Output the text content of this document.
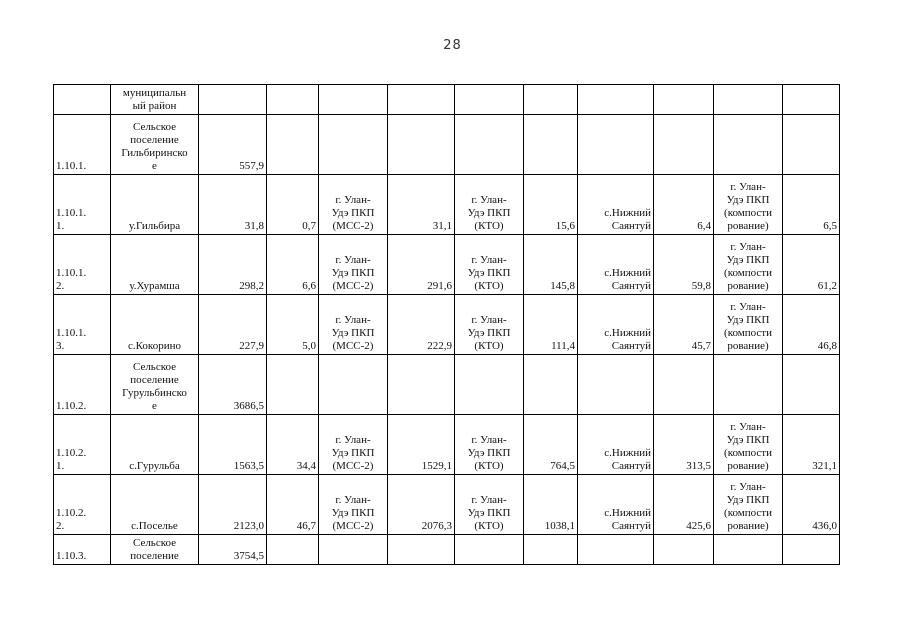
28

	муниципальн
ый район										

1.10.1.	Сельское
поселение
Гильбиринско
е	557,9									

1.10.1.
1.	у.Гильбира	31,8	0,7	г. Улан-
Удэ ПКП
(МСС-2)	31,1	г. Улан-
Удэ ПКП
(КТО)	15,6	с.Нижний
Саянтуй	6,4	г. Улан-
Удэ ПКП
(компости
рование)	6,5

1.10.1.
2.	у.Хурамша	298,2	6,6	г. Улан-
Удэ ПКП
(МСС-2)	291,6	г. Улан-
Удэ ПКП
(КТО)	145,8	с.Нижний
Саянтуй	59,8	г. Улан-
Удэ ПКП
(компости
рование)	61,2

1.10.1.
3.	с.Кокорино	227,9	5,0	г. Улан-
Удэ ПКП
(МСС-2)	222,9	г. Улан-
Удэ ПКП
(КТО)	111,4	с.Нижний
Саянтуй	45,7	г. Улан-
Удэ ПКП
(компости
рование)	46,8

1.10.2.	Сельское
поселение
Гурульбинско
е	3686,5									

1.10.2.
1.	с.Гурульба	1563,5	34,4	г. Улан-
Удэ ПКП
(МСС-2)	1529,1	г. Улан-
Удэ ПКП
(КТО)	764,5	с.Нижний
Саянтуй	313,5	г. Улан-
Удэ ПКП
(компости
рование)	321,1

1.10.2.
2.	с.Поселье	2123,0	46,7	г. Улан-
Удэ ПКП
(МСС-2)	2076,3	г. Улан-
Удэ ПКП
(КТО)	1038,1	с.Нижний
Саянтуй	425,6	г. Улан-
Удэ ПКП
(компости
рование)	436,0

1.10.3.	Сельское
поселение	3754,5									
